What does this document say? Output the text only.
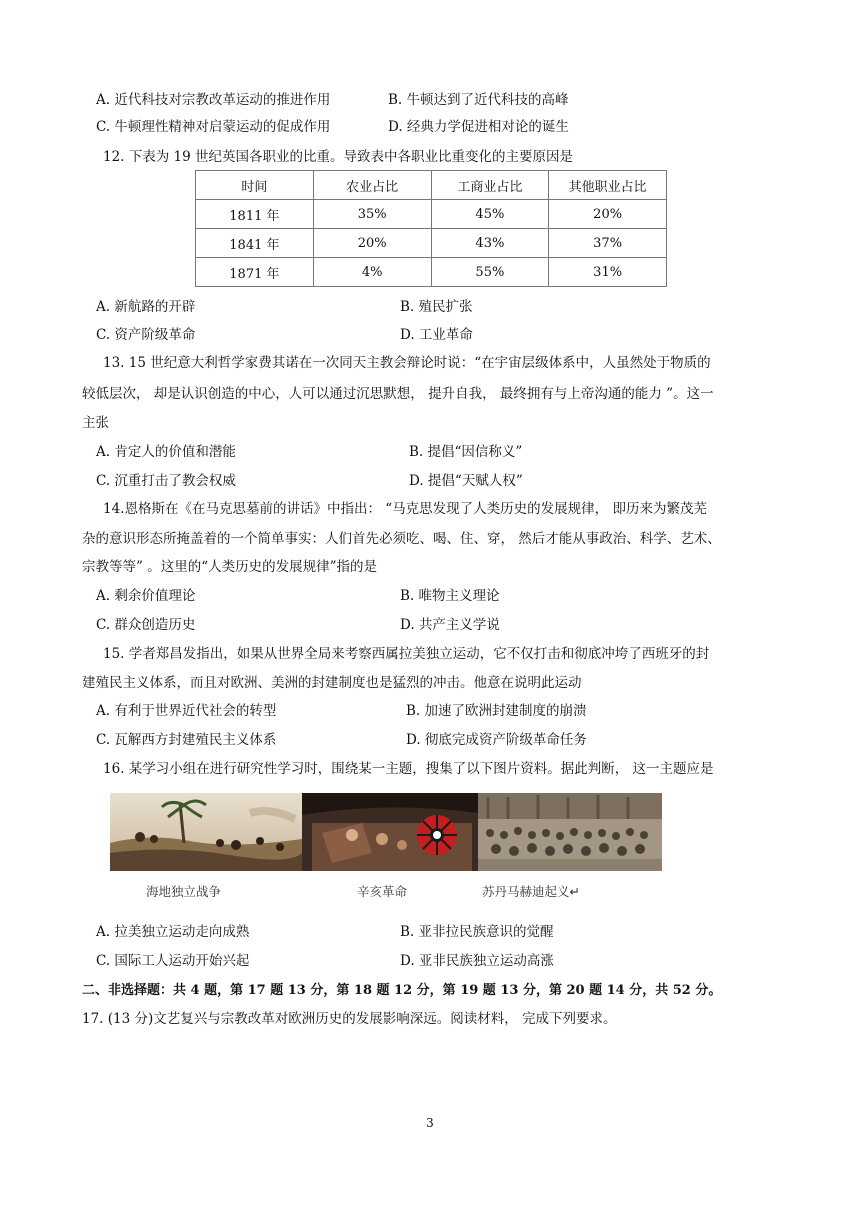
A. 近代科技对宗教改革运动的推进作用	B. 牛顿达到了近代科技的高峰
C. 牛顿理性精神对启蒙运动的促成作用	D. 经典力学促进相对论的诞生
12. 下表为 19 世纪英国各职业的比重。导致表中各职业比重变化的主要原因是
时间	农业占比	工商业占比	其他职业占比
1811 年	35%	45%	20%
1841 年	20%	43%	37%
1871 年	4%	55%	31%
A. 新航路的开辟	B. 殖民扩张
C. 资产阶级革命	D. 工业革命
13. 15 世纪意大利哲学家费其诺在一次同天主教会辩论时说：“在宇宙层级体系中，人虽然处于物质的
较低层次， 却是认识创造的中心，人可以通过沉思默想， 提升自我， 最终拥有与上帝沟通的能力 ”。这一
主张
A. 肯定人的价值和潜能	B. 提倡“因信称义”
C. 沉重打击了教会权威	D. 提倡“天赋人权”
14.恩格斯在《在马克思墓前的讲话》中指出： “马克思发现了人类历史的发展规律， 即历来为繁茂芜
杂的意识形态所掩盖着的一个简单事实：人们首先必须吃、喝、住、穿， 然后才能从事政治、科学、艺术、
宗教等等” 。这里的“人类历史的发展规律”指的是
A. 剩余价值理论	B. 唯物主义理论
C. 群众创造历史	D. 共产主义学说
15. 学者郑昌发指出，如果从世界全局来考察西属拉美独立运动，它不仅打击和彻底冲垮了西班牙的封
建殖民主义体系，而且对欧洲、美洲的封建制度也是猛烈的冲击。他意在说明此运动
A. 有利于世界近代社会的转型	B. 加速了欧洲封建制度的崩溃
C. 瓦解西方封建殖民主义体系	D. 彻底完成资产阶级革命任务
16. 某学习小组在进行研究性学习时，围绕某一主题，搜集了以下图片资料。据此判断， 这一主题应是
海地独立战争	辛亥革命	苏丹马赫迪起义↵
A. 拉美独立运动走向成熟	B. 亚非拉民族意识的觉醒
C. 国际工人运动开始兴起	D. 亚非民族独立运动高涨
二、非选择题：共 4 题，第 17 题 13 分，第 18 题 12 分，第 19 题 13 分，第 20 题 14 分，共 52 分。
17. (13 分)文艺复兴与宗教改革对欧洲历史的发展影响深远。阅读材料， 完成下列要求。
3
